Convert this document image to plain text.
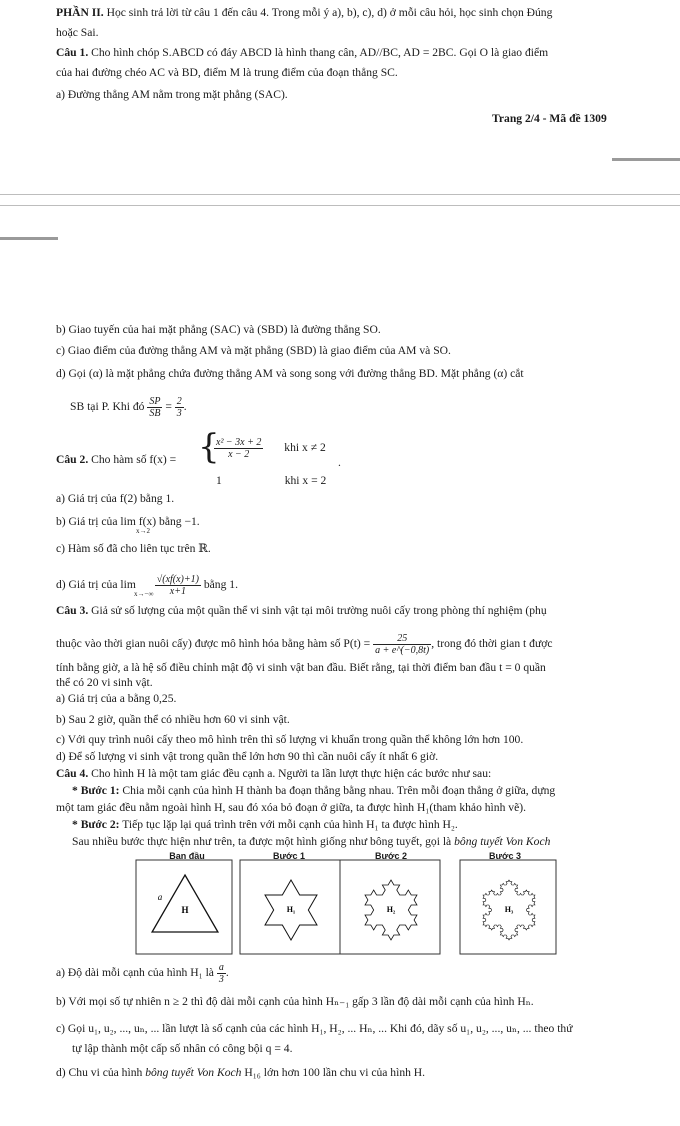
PHẦN II. Học sinh trả lời từ câu 1 đến câu 4. Trong mỗi ý a), b), c), d) ở mỗi câu hỏi, học sinh chọn Đúng
hoặc Sai.
Câu 1. Cho hình chóp S.ABCD có đáy ABCD là hình thang cân, AD//BC, AD = 2BC. Gọi O là giao điểm
của hai đường chéo AC và BD, điểm M là trung điểm của đoạn thẳng SC.
a) Đường thẳng AM nằm trong mặt phẳng (SAC).
Trang 2/4 - Mã đề 1309
b) Giao tuyến của hai mặt phẳng (SAC) và (SBD) là đường thẳng SO.
c) Giao điểm của đường thẳng AM và mặt phẳng (SBD) là giao điểm của AM và SO.
d) Gọi (α) là mặt phẳng chứa đường thẳng AM và song song với đường thẳng BD. Mặt phẳng (α) cắt
SB tại P. Khi đó $\frac{SP}{SB} = \frac{2}{3}$ .
Câu 2. Cho hàm số f(x) = {
$\frac{\text{x² − 3x + 2}}{x - 2}$ khi x ≠ 2
1	khi x = 2
.
a) Giá trị của f(2) bằng 1.
b) Giá trị của lim f(x) bằng −1.
x→2
c) Hàm số đã cho liên tục trên ℝ.
d) Giá trị của $\lim \frac{√(xf(x)+1)}{x+1}$ bằng 1.
x→−∞
Câu 3. Giả sử số lượng của một quần thể vi sinh vật tại môi trường nuôi cấy trong phòng thí nghiệm (phụ
thuộc vào thời gian nuôi cấy) được mô hình hóa bằng hàm số $P(t) = \frac{25}{a + e\^{}(-0,8t)}$ , trong đó thời gian t được
tính bằng giờ, a là hệ số điều chỉnh mật độ vi sinh vật ban đầu. Biết rằng, tại thời điểm ban đầu t = 0 quần
thể có 20 vi sinh vật.
a) Giá trị của a bằng 0,25.
b) Sau 2 giờ, quần thể có nhiều hơn 60 vi sinh vật.
c) Với quy trình nuôi cấy theo mô hình trên thì số lượng vi khuẩn trong quần thể không lớn hơn 100.
d) Để số lượng vi sinh vật trong quần thể lớn hơn 90 thì cần nuôi cấy ít nhất 6 giờ.
Câu 4. Cho hình H là một tam giác đều cạnh a. Người ta lần lượt thực hiện các bước như sau:
* Bước 1: Chia mỗi cạnh của hình H thành ba đoạn thẳng bằng nhau. Trên mỗi đoạn thẳng ở giữa, dựng
một tam giác đều nằm ngoài hình H, sau đó xóa bỏ đoạn ở giữa, ta được hình H₁(tham khảo hình vẽ).
* Bước 2: Tiếp tục lặp lại quá trình trên với mỗi cạnh của hình H₁ ta được hình H₂.
Sau nhiều bước thực hiện như trên, ta được một hình giống như bông tuyết, gọi là bông tuyết Von Koch
Ban đầu	Bước 1	Bước 2	Bước 3
H
a
H₁	H₂	H₃
a) Độ dài mỗi cạnh của hình H₁ là $\frac{a}{3}$ .
b) Với mọi số tự nhiên n ≥ 2 thì độ dài mỗi cạnh của hình Hₙ₋₁ gấp 3 lần độ dài mỗi cạnh của hình Hₙ.
c) Gọi u₁, u₂, ..., uₙ, ... lần lượt là số cạnh của các hình H₁, H₂, ... Hₙ, ... Khi đó, dãy số u₁, u₂, ..., uₙ, ... theo thứ
tự lập thành một cấp số nhân có công bội q = 4.
d) Chu vi của hình bông tuyết Von Koch H₁₆ lớn hơn 100 lần chu vi của hình H.
